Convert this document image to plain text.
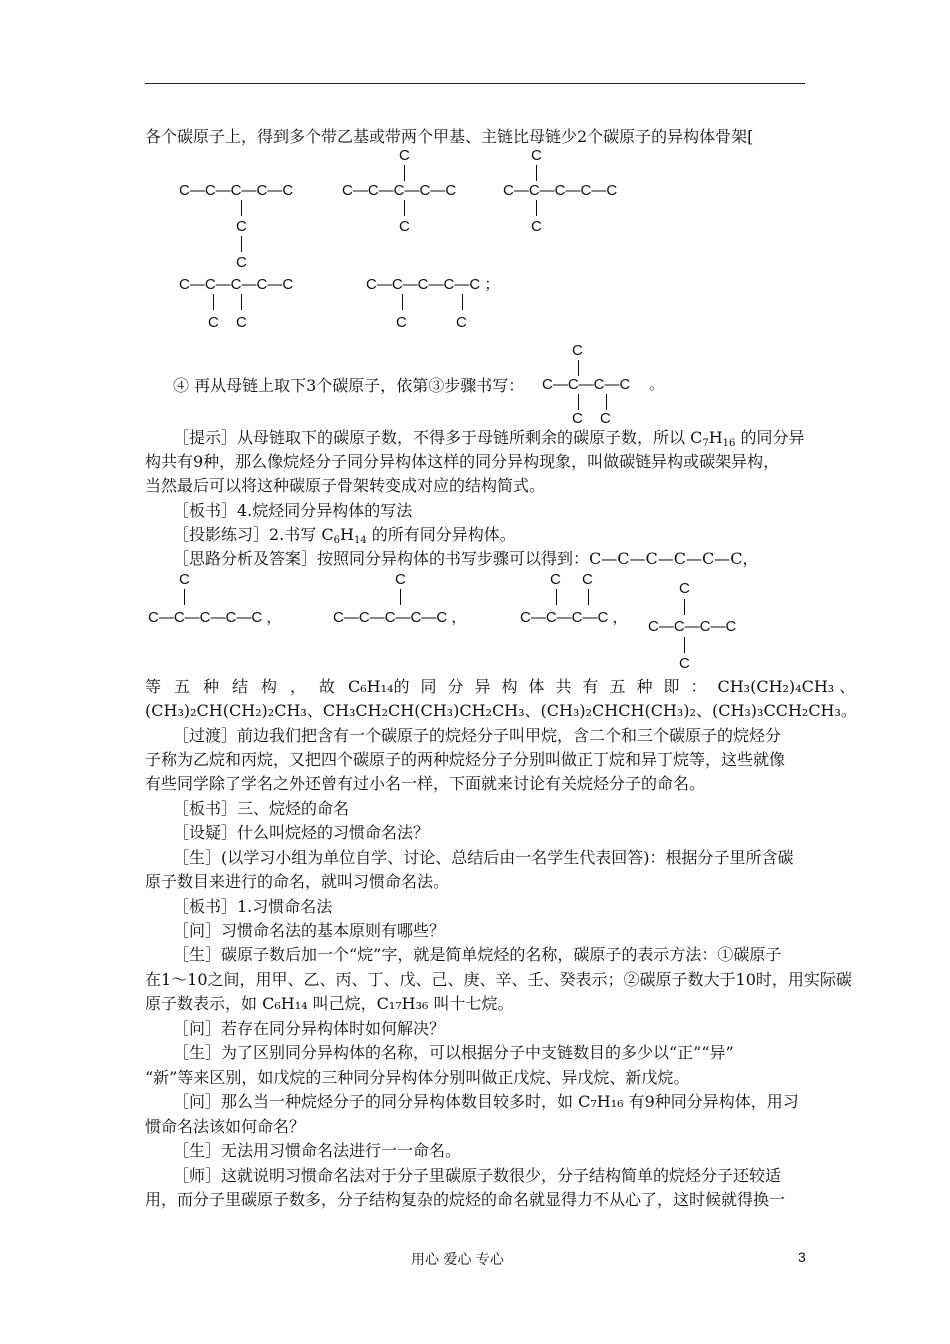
各个碳原子上，得到多个带乙基或带两个甲基、主链比母链少2个碳原子的异构体骨架[
C—C—C—C—C
C
C
C
C—C—C—C—C
C
C
C—C—C—C—C
C
C—C—C—C—C
C C
C—C—C—C—C ；
C	C
④ 再从母链上取下3个碳原子，依第③步骤书写：
C
C—C—C—C 。
C C
［提示］从母链取下的碳原子数，不得多于母链所剩余的碳原子数，所以 $C_7H_{16}$ 的同分异
构共有9种，那么像烷烃分子同分异构体这样的同分异构现象，叫做碳链异构或碳架异构，
当然最后可以将这种碳原子骨架转变成对应的结构简式。
［板书］4.烷烃同分异构体的写法
［投影练习］2.书写 $C_6H_{14}$ 的所有同分异构体。
［思路分析及答案］按照同分异构体的书写步骤可以得到：C—C—C—C—C—C，
C
C—C—C—C—C ，
C
C—C—C—C—C ，
C C
C—C—C—C ，
C
C—C—C—C
C
等五种结构，故 C₆H₁₄ 的同分异构体共有五种即： CH₃(CH₂)₄CH₃ 、
(CH₃)₂CH(CH₂)₂CH₃、CH₃CH₂CH(CH₃)CH₂CH₃、(CH₃)₂CHCH(CH₃)₂、(CH₃)₃CCH₂CH₃。
［过渡］前边我们把含有一个碳原子的烷烃分子叫甲烷，含二个和三个碳原子的烷烃分
子称为乙烷和丙烷，又把四个碳原子的两种烷烃分子分别叫做正丁烷和异丁烷等，这些就像
有些同学除了学名之外还曾有过小名一样，下面就来讨论有关烷烃分子的命名。
［板书］三、烷烃的命名
［设疑］什么叫烷烃的习惯命名法？
［生］(以学习小组为单位自学、讨论、总结后由一名学生代表回答)：根据分子里所含碳
原子数目来进行的命名，就叫习惯命名法。
［板书］1.习惯命名法
［问］习惯命名法的基本原则有哪些？
［生］碳原子数后加一个“烷”字，就是简单烷烃的名称，碳原子的表示方法：①碳原子
在1～10之间，用甲、乙、丙、丁、戊、己、庚、辛、壬、癸表示；②碳原子数大于10时，用实际碳
原子数表示，如 C₆H₁₄ 叫己烷，C₁₇H₃₆ 叫十七烷。
［问］若存在同分异构体时如何解决？
［生］为了区别同分异构体的名称，可以根据分子中支链数目的多少以“正”“异”
“新”等来区别，如戊烷的三种同分异构体分别叫做正戊烷、异戊烷、新戊烷。
［问］那么当一种烷烃分子的同分异构体数目较多时，如 C₇H₁₆ 有9种同分异构体，用习
惯命名法该如何命名？
［生］无法用习惯命名法进行一一命名。
［师］这就说明习惯命名法对于分子里碳原子数很少，分子结构简单的烷烃分子还较适
用，而分子里碳原子数多，分子结构复杂的烷烃的命名就显得力不从心了，这时候就得换一
用心 爱心 专心	3
